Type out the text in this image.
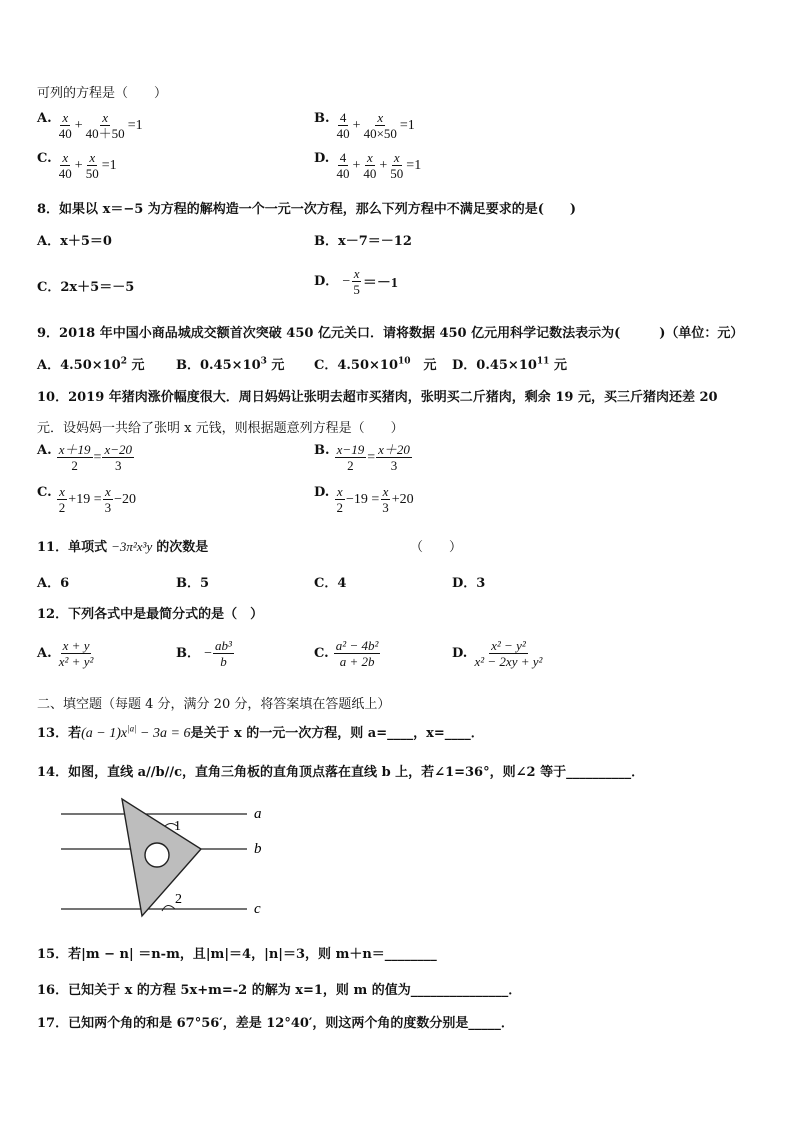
可列的方程是（　　）
A. $\frac{x}{40} + \frac{x}{40+50} =1$	B. $\frac{4}{40} + \frac{x}{40\times 50} =1$
C. $\frac{x}{40} + \frac{x}{50} =1$	D. $\frac{4}{40} + \frac{x}{40} + \frac{x}{50} =1$
8．如果以 x＝−5 为方程的解构造一个一元一次方程，那么下列方程中不满足要求的是(　　)
A．x＋5＝0	B．x－7＝－12
C．2x＋5＝－5	D． − $\frac{x}{5} =-1$
9．2018 年中国小商品城成交额首次突破 450 亿元关口．请将数据 450 亿元用科学记数法表示为(　　　)（单位：元）
A．$4.50\times 10^2$ 元 B．$0.45\times 10^3$ 元 C．$4.50\times 10^{10}$　元 D．$0.45\times 10^{11}$ 元
10．2019 年猪肉涨价幅度很大．周日妈妈让张明去超市买猪肉，张明买二斤猪肉，剩余 19 元，买三斤猪肉还差 20
元．设妈妈一共给了张明 x 元钱，则根据题意列方程是（　　）
A. $\frac{x+19}{2} = \frac{x-20}{3}$	B. $\frac{x-19}{2} = \frac{x+20}{3}$
C. $\frac{x}{2} +19 = \frac{x}{3} -20$	D. $\frac{x}{2} -19 = \frac{x}{3} +20$
11．单项式 −3π²x³y 的次数是	（　　）
A．6	B．5	C．4	D．3
12．下列各式中是最简分式的是（　）
A. $\frac{x + y}{\text{x² + y²}}$	B． − $\frac{\text{ab³}}{b}$	C. $\frac{\text{a² − 4b²}}{a + 2b}$	D. $\frac{\text{x² − y²}}{\text{x² − 2xy + y²}}$
二、填空题（每题 4 分，满分 20 分，将答案填在答题纸上）
13．若$(a - 1)x^{|a|} - 3a = 6$是关于 x 的一元一次方程，则 a=____，x=____．
14．如图，直线 a//b//c，直角三角板的直角顶点落在直线 b 上，若∠1=36°，则∠2 等于__________．
a
b
c
1
2
15．若|m − n| ＝n-m，且|m|＝4，|n|＝3，则 m＋n＝________
16．已知关于 x 的方程 5x+m=-2 的解为 x=1，则 m 的值为_______________．
17．已知两个角的和是 67°56′，差是 12°40′，则这两个角的度数分别是_____．
